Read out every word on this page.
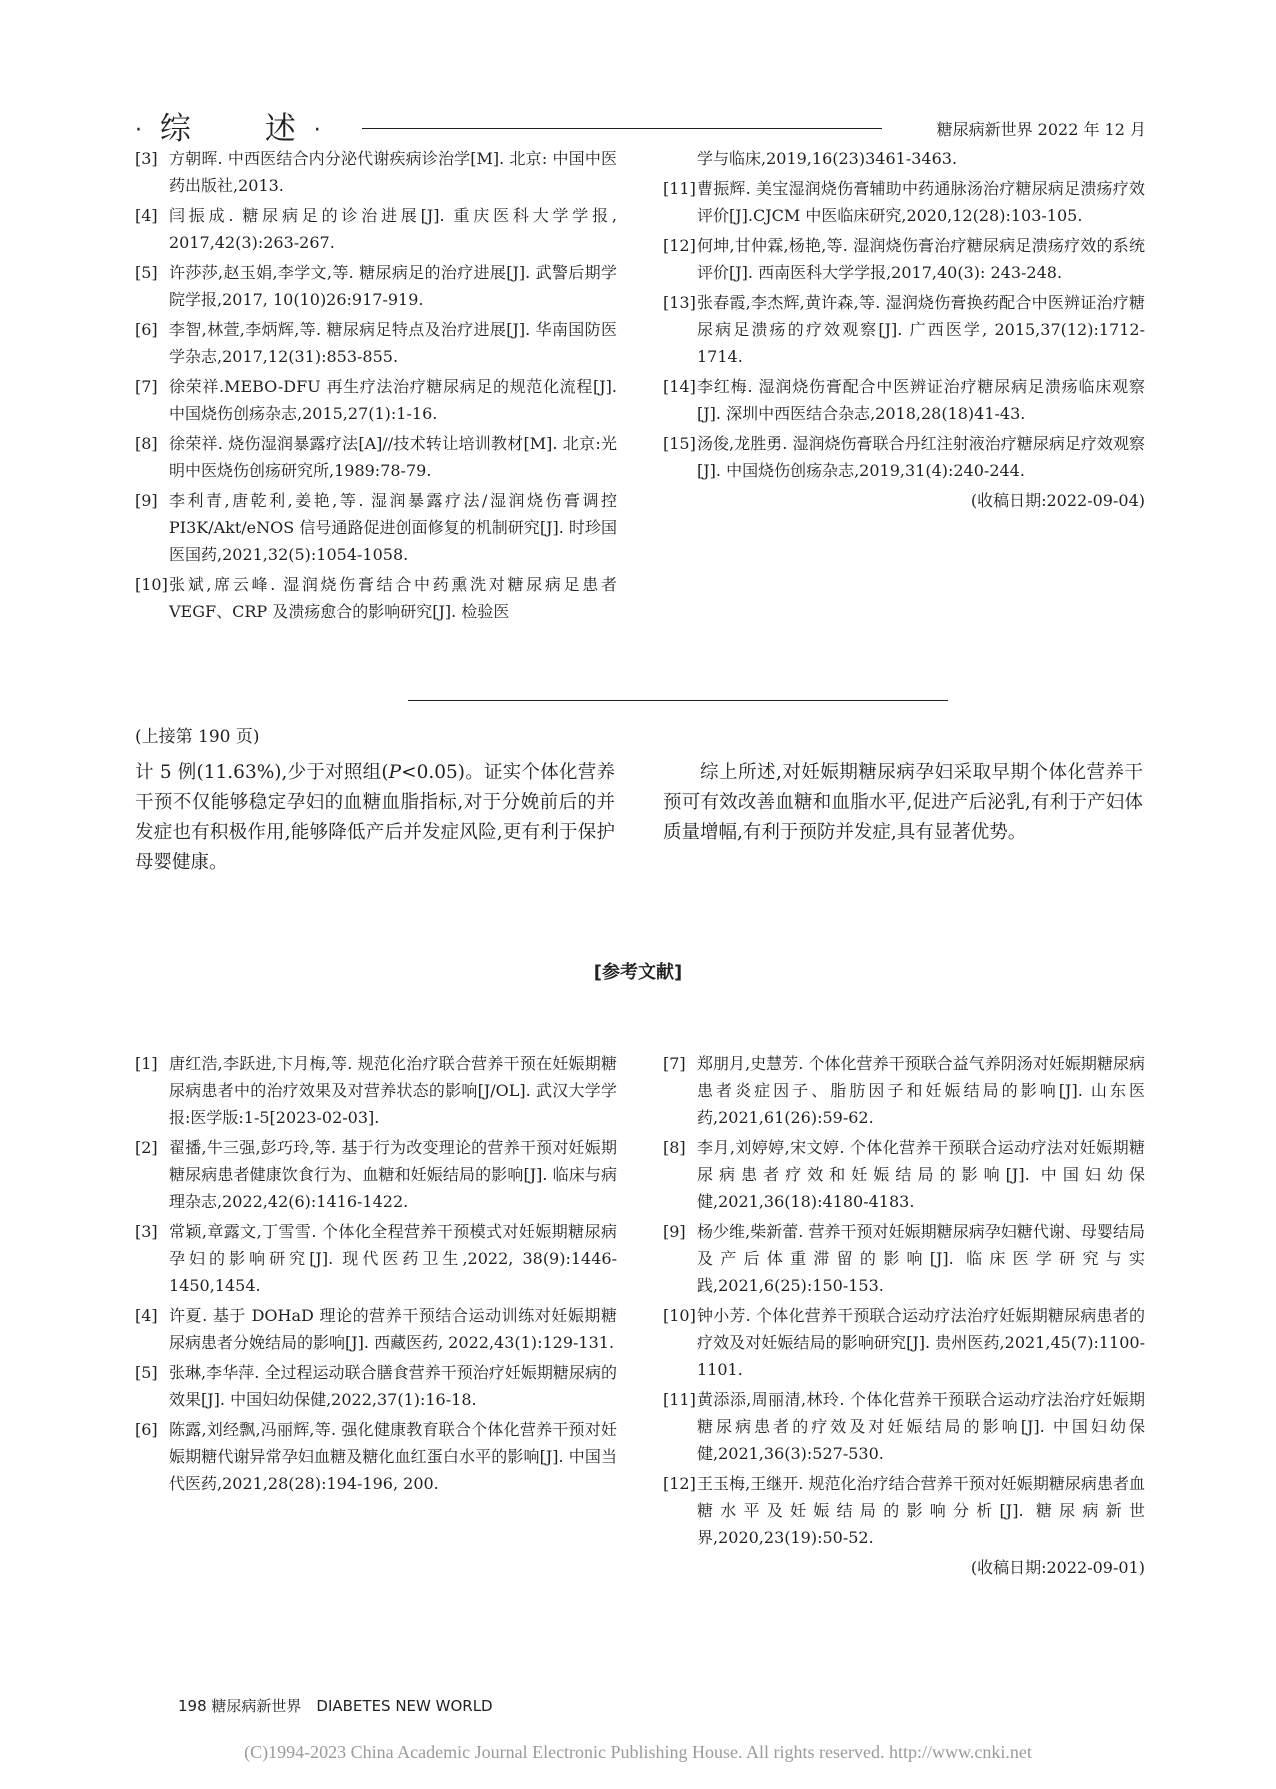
· 综　　述 ·	糖尿病新世界 2022 年 12 月
[3] 方朝晖. 中西医结合内分泌代谢疾病诊治学[M]. 北京: 中国中医药出版社,2013.
[4] 闫振成. 糖尿病足的诊治进展[J]. 重庆医科大学学报, 2017,42(3):263-267.
[5] 许莎莎,赵玉娟,李学文,等. 糖尿病足的治疗进展[J]. 武警后期学院学报,2017, 10(10)26:917-919.
[6] 李智,林萱,李炳辉,等. 糖尿病足特点及治疗进展[J]. 华南国防医学杂志,2017,12(31):853-855.
[7] 徐荣祥.MEBO-DFU 再生疗法治疗糖尿病足的规范化流程[J]. 中国烧伤创疡杂志,2015,27(1):1-16.
[8] 徐荣祥. 烧伤湿润暴露疗法[A]//技术转让培训教材[M]. 北京:光明中医烧伤创疡研究所,1989:78-79.
[9] 李利青,唐乾利,姜艳,等. 湿润暴露疗法/湿润烧伤膏调控 PI3K/Akt/eNOS 信号通路促进创面修复的机制研究[J]. 时珍国医国药,2021,32(5):1054-1058.
[10] 张斌,席云峰. 湿润烧伤膏结合中药熏洗对糖尿病足患者 VEGF、CRP 及溃疡愈合的影响研究[J]. 检验医
学与临床,2019,16(23)3461-3463.
[11] 曹振辉. 美宝湿润烧伤膏辅助中药通脉汤治疗糖尿病足溃疡疗效评价[J].CJCM 中医临床研究,2020,12(28):103-105.
[12] 何坤,甘仲霖,杨艳,等. 湿润烧伤膏治疗糖尿病足溃疡疗效的系统评价[J]. 西南医科大学学报,2017,40(3): 243-248.
[13] 张春霞,李杰辉,黄许森,等. 湿润烧伤膏换药配合中医辨证治疗糖尿病足溃疡的疗效观察[J]. 广西医学, 2015,37(12):1712-1714.
[14] 李红梅. 湿润烧伤膏配合中医辨证治疗糖尿病足溃疡临床观察[J]. 深圳中西医结合杂志,2018,28(18)41-43.
[15] 汤俊,龙胜勇. 湿润烧伤膏联合丹红注射液治疗糖尿病足疗效观察[J]. 中国烧伤创疡杂志,2019,31(4):240-244.
(收稿日期:2022-09-04)
(上接第 190 页)
计 5 例(11.63%),少于对照组(P<0.05)。证实个体化营养干预不仅能够稳定孕妇的血糖血脂指标,对于分娩前后的并发症也有积极作用,能够降低产后并发症风险,更有利于保护母婴健康。
综上所述,对妊娠期糖尿病孕妇采取早期个体化营养干预可有效改善血糖和血脂水平,促进产后泌乳,有利于产妇体质量增幅,有利于预防并发症,具有显著优势。
[参考文献]
[1] 唐红浩,李跃进,卞月梅,等. 规范化治疗联合营养干预在妊娠期糖尿病患者中的治疗效果及对营养状态的影响[J/OL]. 武汉大学学报:医学版:1-5[2023-02-03].
[2] 翟播,牛三强,彭巧玲,等. 基于行为改变理论的营养干预对妊娠期糖尿病患者健康饮食行为、血糖和妊娠结局的影响[J]. 临床与病理杂志,2022,42(6):1416-1422.
[3] 常颖,章露文,丁雪雪. 个体化全程营养干预模式对妊娠期糖尿病孕妇的影响研究[J]. 现代医药卫生,2022, 38(9):1446-1450,1454.
[4] 许夏. 基于 DOHaD 理论的营养干预结合运动训练对妊娠期糖尿病患者分娩结局的影响[J]. 西藏医药, 2022,43(1):129-131.
[5] 张琳,李华萍. 全过程运动联合膳食营养干预治疗妊娠期糖尿病的效果[J]. 中国妇幼保健,2022,37(1):16-18.
[6] 陈露,刘经飘,冯丽辉,等. 强化健康教育联合个体化营养干预对妊娠期糖代谢异常孕妇血糖及糖化血红蛋白水平的影响[J]. 中国当代医药,2021,28(28):194-196, 200.
[7] 郑朋月,史慧芳. 个体化营养干预联合益气养阴汤对妊娠期糖尿病患者炎症因子、脂肪因子和妊娠结局的影响[J]. 山东医药,2021,61(26):59-62.
[8] 李月,刘婷婷,宋文婷. 个体化营养干预联合运动疗法对妊娠期糖尿病患者疗效和妊娠结局的影响[J]. 中国妇幼保健,2021,36(18):4180-4183.
[9] 杨少维,柴新蕾. 营养干预对妊娠期糖尿病孕妇糖代谢、母婴结局及产后体重滞留的影响[J]. 临床医学研究与实践,2021,6(25):150-153.
[10] 钟小芳. 个体化营养干预联合运动疗法治疗妊娠期糖尿病患者的疗效及对妊娠结局的影响研究[J]. 贵州医药,2021,45(7):1100-1101.
[11] 黄添添,周丽清,林玲. 个体化营养干预联合运动疗法治疗妊娠期糖尿病患者的疗效及对妊娠结局的影响[J]. 中国妇幼保健,2021,36(3):527-530.
[12] 王玉梅,王继开. 规范化治疗结合营养干预对妊娠期糖尿病患者血糖水平及妊娠结局的影响分析[J]. 糖尿病新世界,2020,23(19):50-52.
(收稿日期:2022-09-01)
198 糖尿病新世界　DIABETES NEW WORLD
(C)1994-2023 China Academic Journal Electronic Publishing House. All rights reserved. http://www.cnki.net
